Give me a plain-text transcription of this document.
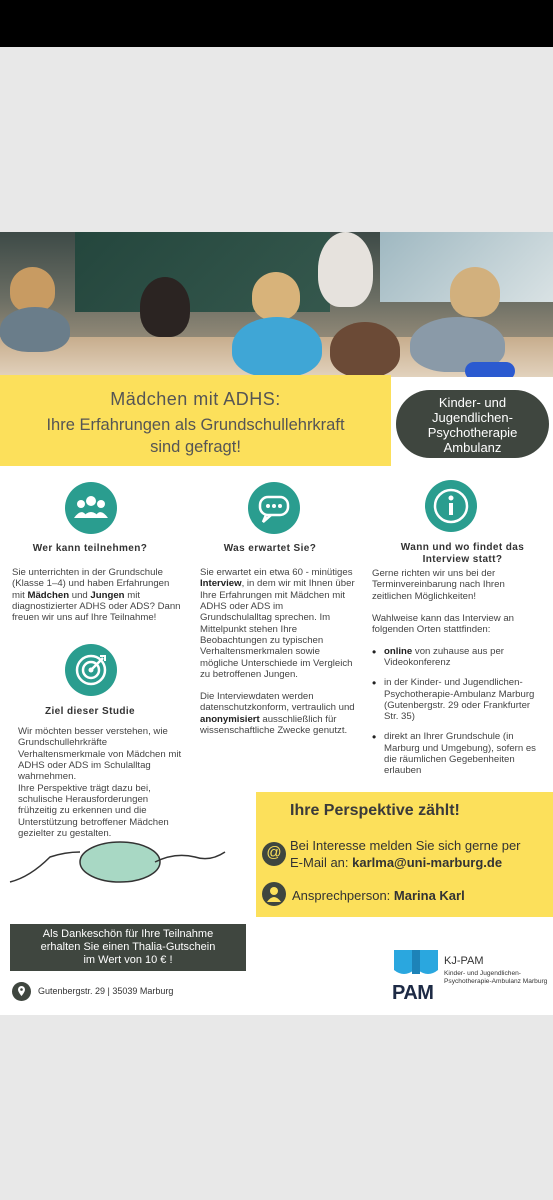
Mädchen mit ADHS:
Ihre Erfahrungen als Grundschullehrkraft
sind gefragt!
Kinder- und
Jugendlichen-
Psychotherapie
Ambulanz
Wer kann teilnehmen?	Was erwartet Sie?	Wann und wo findet das
Interview statt?
Sie unterrichten in der Grundschule (Klasse 1–4) und haben Erfahrungen mit Mädchen und Jungen mit diagnostizierter ADHS oder ADS? Dann freuen wir uns auf Ihre Teilnahme!
Ziel dieser Studie
Wir möchten besser verstehen, wie Grundschullehrkräfte Verhaltensmerkmale von Mädchen mit ADHS oder ADS im Schulalltag wahrnehmen.
Ihre Perspektive trägt dazu bei, schulische Herausforderungen frühzeitig zu erkennen und die Unterstützung betroffener Mädchen gezielter zu gestalten.
Sie erwartet ein etwa 60 - minütiges Interview, in dem wir mit Ihnen über Ihre Erfahrungen mit Mädchen mit ADHS oder ADS im Grundschulalltag sprechen. Im Mittelpunkt stehen Ihre Beobachtungen zu typischen Verhaltensmerkmalen sowie mögliche Unterschiede im Vergleich zu betroffenen Jungen.
Die Interviewdaten werden datenschutzkonform, vertraulich und anonymisiert ausschließlich für wissenschaftliche Zwecke genutzt.
Gerne richten wir uns bei der Terminvereinbarung nach Ihren zeitlichen Möglichkeiten!
Wahlweise kann das Interview an folgenden Orten stattfinden:
• online von zuhause aus per Videokonferenz
• in der Kinder- und Jugendlichen-Psychotherapie-Ambulanz Marburg (Gutenbergstr. 29 oder Frankfurter Str. 35)
• direkt an Ihrer Grundschule (in Marburg und Umgebung), sofern es die räumlichen Gegebenheiten erlauben
Ihre Perspektive zählt!
@ Bei Interesse melden Sie sich gerne per
E-Mail an: karlma@uni-marburg.de
Ansprechperson: Marina Karl
Als Dankeschön für Ihre Teilnahme
erhalten Sie einen Thalia-Gutschein
im Wert von 10 € !
Gutenbergstr. 29 | 35039 Marburg	PAM
KJ-PAM
Kinder- und Jugendlichen-
Psychotherapie-Ambulanz Marburg
